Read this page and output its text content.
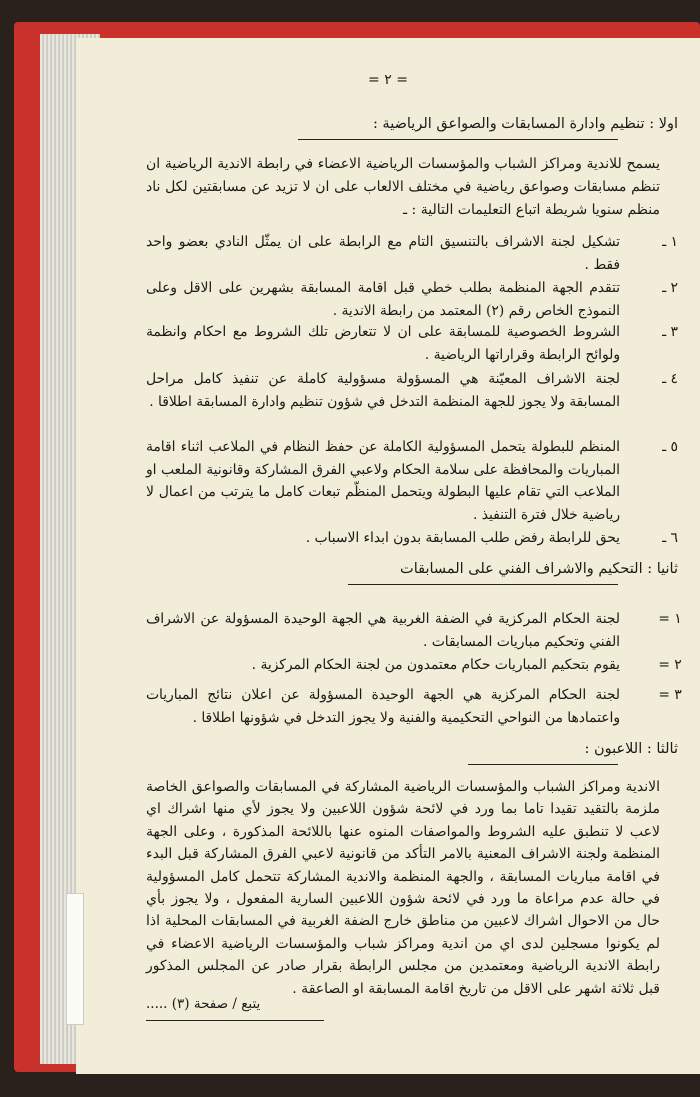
= ٢ =
اولا : تنظيم وادارة المسابقات والصواعق الرياضية :
يسمح للاندية ومراكز الشباب والمؤسسات الرياضية الاعضاء في رابطة الاندية الرياضية ان تنظم مسابقات وصواعق رياضية في مختلف الالعاب على ان لا تزيد عن مسابقتين لكل ناد منظم سنويا شريطة اتباع التعليمات التالية : ـ
١ ـ
تشكيل لجنة الاشراف بالتنسيق التام مع الرابطة على ان يمثّل النادي بعضو واحد فقط .
٢ ـ
تتقدم الجهة المنظمة بطلب خطي قبل اقامة المسابقة بشهرين على الاقل وعلى النموذج الخاص رقم (٢) المعتمد من رابطة الاندية .
٣ ـ
الشروط الخصوصية للمسابقة على ان لا تتعارض تلك الشروط مع احكام وانظمة ولوائح الرابطة وقراراتها الرياضية .
٤ ـ
لجنة الاشراف المعيّنة هي المسؤولة مسؤولية كاملة عن تنفيذ كامل مراحل المسابقة ولا يجوز للجهة المنظمة التدخل في شؤون تنظيم وادارة المسابقة اطلاقا .
٥ ـ
المنظم للبطولة يتحمل المسؤولية الكاملة عن حفظ النظام في الملاعب اثناء اقامة المباريات والمحافظة على سلامة الحكام ولاعبي الفرق المشاركة وقانونية الملعب او الملاعب التي تقام عليها البطولة ويتحمل المنظّم تبعات كامل ما يترتب من اعمال لا رياضية خلال فترة التنفيذ .
٦ ـ
يحق للرابطة رفض طلب المسابقة بدون ابداء الاسباب .
ثانيا : التحكيم والاشراف الفني على المسابقات
١ =
لجنة الحكام المركزية في الضفة الغربية هي الجهة الوحيدة المسؤولة عن الاشراف الفني وتحكيم مباريات المسابقات .
٢ =
يقوم بتحكيم المباريات حكام معتمدون من لجنة الحكام المركزية .
٣ =
لجنة الحكام المركزية هي الجهة الوحيدة المسؤولة عن اعلان نتائج المباريات واعتمادها من النواحي التحكيمية والفنية ولا يجوز التدخل في شؤونها اطلاقا .
ثالثا : اللاعبون :
الاندية ومراكز الشباب والمؤسسات الرياضية المشاركة في المسابقات والصواعق الخاصة ملزمة بالتقيد تقيدا تاما بما ورد في لائحة شؤون اللاعبين ولا يجوز لأي منها اشراك اي لاعب لا تنطبق عليه الشروط والمواصفات المنوه عنها باللائحة المذكورة ، وعلى الجهة المنظمة ولجنة الاشراف المعنية بالامر التأكد من قانونية لاعبي الفرق المشاركة قبل البدء في اقامة مباريات المسابقة ، والجهة المنظمة والاندية المشاركة تتحمل كامل المسؤولية في حالة عدم مراعاة ما ورد في لائحة شؤون اللاعبين السارية المفعول ، ولا يجوز بأي حال من الاحوال اشراك لاعبين من مناطق خارج الضفة الغربية في المسابقات المحلية اذا لم يكونوا مسجلين لدى اي من اندية ومراكز شباب والمؤسسات الرياضية الاعضاء في رابطة الاندية الرياضية ومعتمدين من مجلس الرابطة بقرار صادر عن المجلس المذكور قبل ثلاثة اشهر على الاقل من تاريخ اقامة المسابقة او الصاعقة .
يتبع / صفحة (٣) .....
